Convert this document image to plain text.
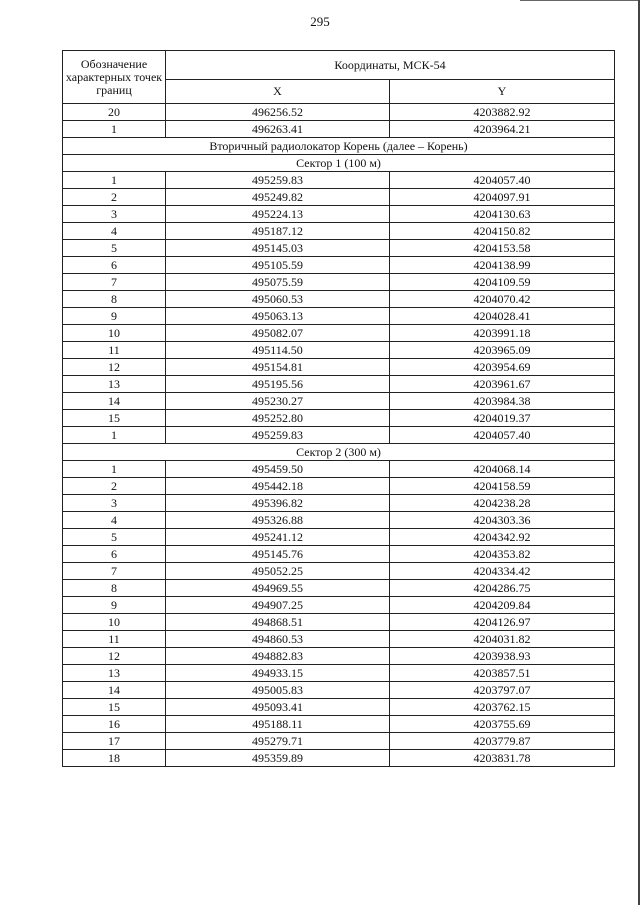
295
Обозначение характерных точек границ	Координаты, МСК-54	
	X	Y
20	496256.52	4203882.92
1	496263.41	4203964.21
Вторичный радиолокатор Корень (далее – Корень)		
Сектор 1 (100 м)		
1	495259.83	4204057.40
2	495249.82	4204097.91
3	495224.13	4204130.63
4	495187.12	4204150.82
5	495145.03	4204153.58
6	495105.59	4204138.99
7	495075.59	4204109.59
8	495060.53	4204070.42
9	495063.13	4204028.41
10	495082.07	4203991.18
11	495114.50	4203965.09
12	495154.81	4203954.69
13	495195.56	4203961.67
14	495230.27	4203984.38
15	495252.80	4204019.37
1	495259.83	4204057.40
Сектор 2 (300 м)		
1	495459.50	4204068.14
2	495442.18	4204158.59
3	495396.82	4204238.28
4	495326.88	4204303.36
5	495241.12	4204342.92
6	495145.76	4204353.82
7	495052.25	4204334.42
8	494969.55	4204286.75
9	494907.25	4204209.84
10	494868.51	4204126.97
11	494860.53	4204031.82
12	494882.83	4203938.93
13	494933.15	4203857.51
14	495005.83	4203797.07
15	495093.41	4203762.15
16	495188.11	4203755.69
17	495279.71	4203779.87
18	495359.89	4203831.78
